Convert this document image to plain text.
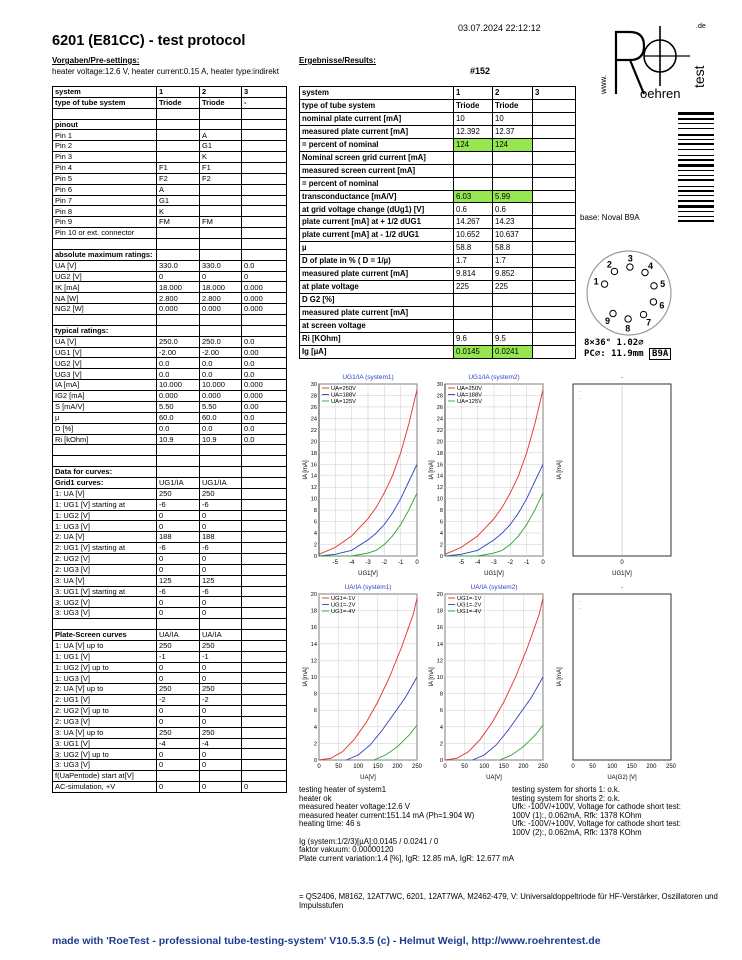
03.07.2024 22:12:12
6201 (E81CC) - test protocol
Vorgaben/Pre-settings:
heater voltage:12.6 V, heater current:0.15 A, heater type:indirekt
Ergebnisse/Results:
#152
www.	test
.de
oehren
base: Noval B9A
1
2
3
4
5
6
7
8
9
8×36° 1.02⌀
PC⌀: 11.9mm B9A
system	1	2	3
type of tube system	Triode	Triode	-

pinout			
Pin 1		A	
Pin 2		G1	
Pin 3		K	
Pin 4	F1	F1	
Pin 5	F2	F2	
Pin 6	A		
Pin 7	G1		
Pin 8	K		
Pin 9	FM	FM	
Pin 10 or ext. connector			

absolute maximum ratings:			
UA [V]	330.0	330.0	0.0
UG2 [V]	0	0	0
IK [mA]	18.000	18.000	0.000
NA [W]	2.800	2.800	0.000
NG2 [W]	0.000	0.000	0.000

typical ratings:			
UA [V]	250.0	250.0	0.0
UG1 [V]	-2.00	-2.00	0.00
UG2 [V]	0.0	0.0	0.0
UG3 [V]	0.0	0.0	0.0
IA [mA]	10.000	10.000	0.000
IG2 [mA]	0.000	0.000	0.000
S [mA/V]	5.50	5.50	0.00
µ	60.0	60.0	0.0
D [%]	0.0	0.0	0.0
Ri [kOhm]	10.9	10.9	0.0

Data for curves:			
Grid1 curves:	UG1/IA	UG1/IA	
1: UA [V]	250	250	
1: UG1 [V] starting at	-6	-6	
1: UG2 [V]	0	0	
1: UG3 [V]	0	0	
2: UA [V]	188	188	
2: UG1 [V] starting at	-6	-6	
2: UG2 [V]	0	0	
2: UG3 [V]	0	0	
3: UA [V]	125	125	
3: UG1 [V] starting at	-6	-6	
3: UG2 [V]	0	0	
3: UG3 [V]	0	0	

Plate-Screen curves	UA/IA	UA/IA	
1: UA [V] up to	250	250	
1: UG1 [V]	-1	-1	
1: UG2 [V] up to	0	0	
1: UG3 [V]	0	0	
2: UA [V] up to	250	250	
2: UG1 [V]	-2	-2	
2: UG2 [V] up to	0	0	
2: UG3 [V]	0	0	
3: UA [V] up to	250	250	
3: UG1 [V]	-4	-4	
3: UG2 [V] up to	0	0	
3: UG3 [V]	0	0	
f(UaPentode) start at[V]			
AC-simulation, +V	0	0	0
system	1	2	3
type of tube system	Triode	Triode	
nominal plate current [mA]	10	10	
measured plate current [mA]	12.392	12.37	
= percent of nominal	124	124	
Nominal screen grid current [mA]			
measured screen current [mA]			
= percent of nominal			
transconductance [mA/V]	6.03	5.99	
at grid voltage change (dUg1) [V]	0.6	0.6	
plate current [mA] at + 1/2 dUG1	14.267	14.23	
plate current [mA] at - 1/2 dUG1	10.652	10.637	
µ	58.8	58.8	
D of plate in % ( D = 1/µ)	1.7	1.7	
measured plate current [mA]	9.814	9.852	
at plate voltage	225	225	
D G2 [%]			
measured plate current [mA]			
at screen voltage			
Ri [KOhm]	9.6	9.5	
Ig [µA]	0.0145	0.0241	
UG1/IA (system1)
IA [mA]
UG1[V]
0
2
4
6
8
10
12
14
16
18
20
22
24
26
28
30
-5 -4 -3 -2 -1 0
UA=250V
UA=188V
UA=125V
UG1/IA (system2)
IA [mA]
UG1[V]
0
2
4
6
8
10
12
14
16
18
20
22
24
26
28
30
-5 -4 -3 -2 -1 0
UA=250V
UA=188V
UA=125V
-
IA [mA]
UG1[V]
0
.
.
UA/IA (system1)
IA [mA]
UA[V]
0
2
4
6
8
10
12
14
16
18
20
0 50 100 150 200 250
UG1=-1V
UG1=-2V
UG1=-4V
UA/IA (system2)
IA [mA]
UA[V]
0
2
4
6
8
10
12
14
16
18
20
0 50 100 150 200 250
UG1=-1V
UG1=-2V
UG1=-4V
-
IA [mA]
UA(G2) [V]
0 50 100 150 200 250
.
.
testing heater of system1
heater ok
measured heater voltage:12.6 V
measured heater current:151.14 mA (Ph=1.904 W)
heating time: 46 s
Ig (system:1/2/3)[µA]:0.0145 / 0.0241 / 0
faktor vakuum: 0.00000120
Plate current variation:1.4 [%], IgR: 12.85 mA, IgR: 12.677 mA
testing system for shorts 1: o.k.
testing system for shorts 2: o.k.
Ufk: -100V/+100V, Voltage for cathode short test:
100V (1):, 0.062mA, Rfk: 1378 KOhm
Ufk: -100V/+100V, Voltage for cathode short test:
100V (2):, 0.062mA, Rfk: 1378 KOhm
= QS2406, M8162, 12AT7WC, 6201, 12AT7WA, M2462-479, V: Universaldoppeltriode für HF-Verstärker, Oszillatoren und Impulsstufen
made with 'RoeTest - professional tube-testing-system' V10.5.3.5 (c) - Helmut Weigl, http://www.roehrentest.de
